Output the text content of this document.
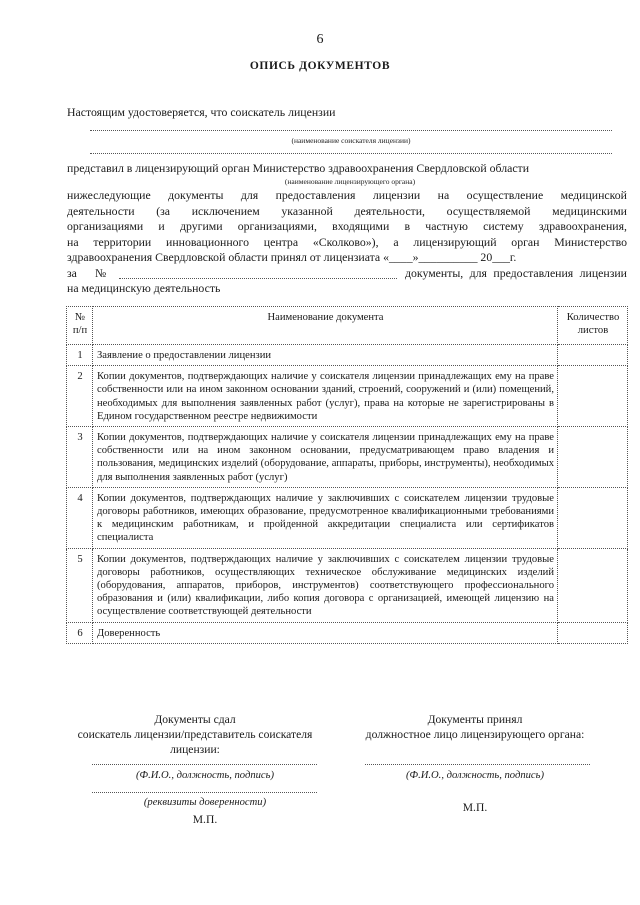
6
ОПИСЬ ДОКУМЕНТОВ
Настоящим удостоверяется, что соискатель лицензии
(наименование соискателя лицензии)
представил в лицензирующий орган Министерство здравоохранения Свердловской области
(наименование лицензирующего органа)
нижеследующие документы для предоставления лицензии на осуществление медицинской
деятельности (за исключением указанной деятельности, осуществляемой медицинскими
организациями и другими организациями, входящими в частную систему здравоохранения,
на территории инновационного центра «Сколково»), а лицензирующий орган Министерство
здравоохранения Свердловской области принял от лицензиата «____»__________ 20___г.
за №	документы, для предоставления лицензии
на медицинскую деятельность
№ п/п	Наименование документа	Количество листов
1	Заявление о предоставлении лицензии	
2	Копии документов, подтверждающих наличие у соискателя лицензии принадлежащих ему на праве собственности или на ином законном основании зданий, строений, сооружений и (или) помещений, необходимых для выполнения заявленных работ (услуг), права на которые не зарегистрированы в Едином государственном реестре недвижимости	
3	Копии документов, подтверждающих наличие у соискателя лицензии принадлежащих ему на праве собственности или на ином законном основании, предусматривающем право владения и пользования, медицинских изделий (оборудование, аппараты, приборы, инструменты), необходимых для выполнения заявленных работ (услуг)	
4	Копии документов, подтверждающих наличие у заключивших с соискателем лицензии трудовые договоры работников, имеющих образование, предусмотренное квалификационными требованиями к медицинским работникам, и пройденной аккредитации специалиста или сертификатов специалиста	
5	Копии документов, подтверждающих наличие у заключивших с соискателем лицензии трудовые договоры работников, осуществляющих техническое обслуживание медицинских изделий (оборудования, аппаратов, приборов, инструментов) соответствующего профессионального образования и (или) квалификации, либо копия договора с организацией, имеющей лицензию на осуществление соответствующей деятельности	
6	Доверенность	
Документы сдал
соискатель лицензии/представитель соискателя
лицензии:
(Ф.И.О., должность, подпись)
(реквизиты доверенности)
М.П.
Документы принял
должностное лицо лицензирующего органа:
(Ф.И.О., должность, подпись)
М.П.
